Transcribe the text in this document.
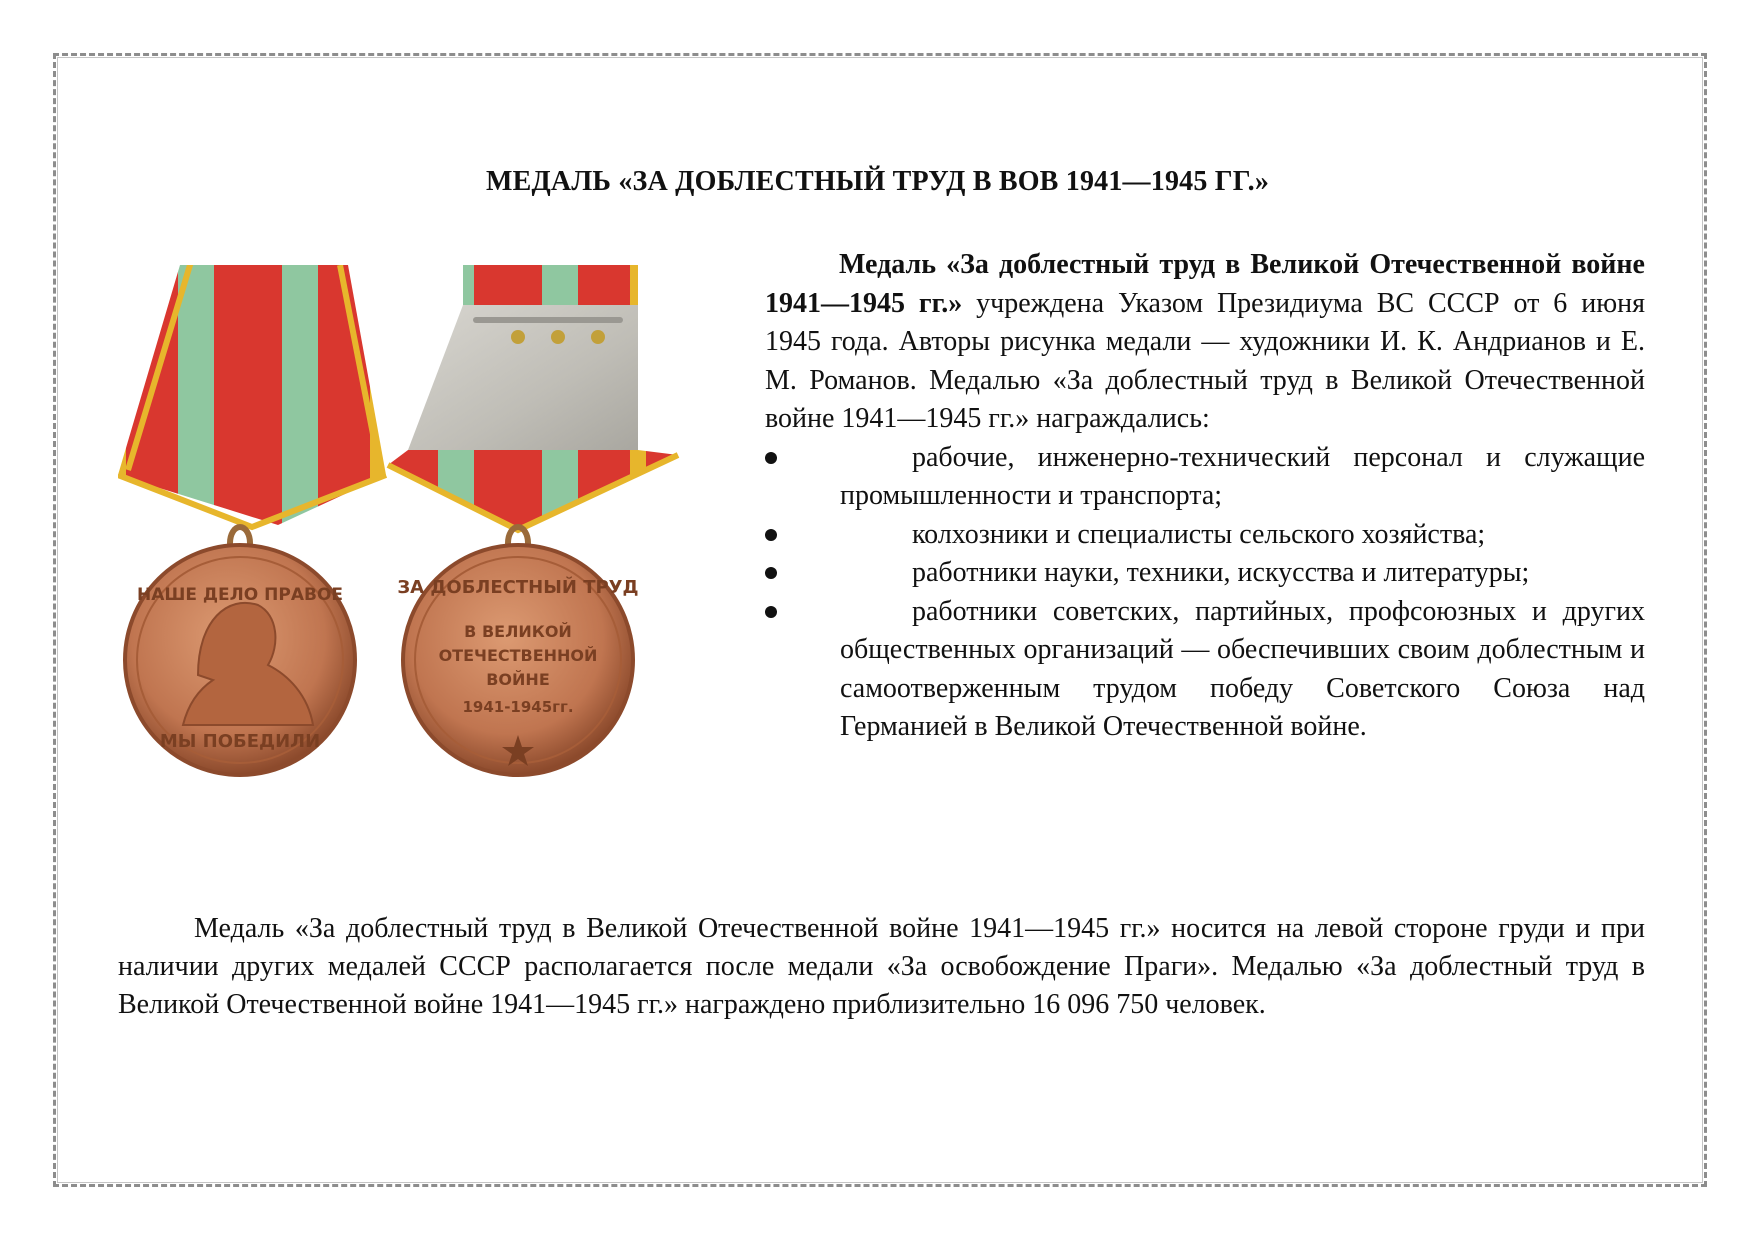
МЕДАЛЬ «ЗА ДОБЛЕСТНЫЙ ТРУД В ВОВ 1941—1945 ГГ.»
НАШЕ ДЕЛО ПРАВОЕ
МЫ ПОБЕДИЛИ
ЗА ДОБЛЕСТНЫЙ ТРУД
В ВЕЛИКОЙ
ОТЕЧЕСТВЕННОЙ
ВОЙНЕ
1941-1945гг.

Медаль «За доблестный труд в Великой Отечественной войне 1941—1945 гг.» учреждена Указом Президиума ВС СССР от 6 июня 1945 года. Авторы рисунка медали — художники И. К. Андрианов и Е. М. Романов. Медалью «За доблестный труд в Великой Отечественной войне 1941—1945 гг.» награждались:

рабочие, инженерно-технический персонал и служащие промышленности и транспорта;
колхозники и специалисты сельского хозяйства;
работники науки, техники, искусства и литературы;
работники советских, партийных, профсоюзных и других общественных организаций — обеспечивших своим доблестным и самоотверженным трудом победу Советского Союза над Германией в Великой Отечественной войне.

Медаль «За доблестный труд в Великой Отечественной войне 1941—1945 гг.» носится на левой стороне груди и при наличии других медалей СССР располагается после медали «За освобождение Праги». Медалью «За доблестный труд в Великой Отечественной войне 1941—1945 гг.» награждено приблизительно 16 096 750 человек.
